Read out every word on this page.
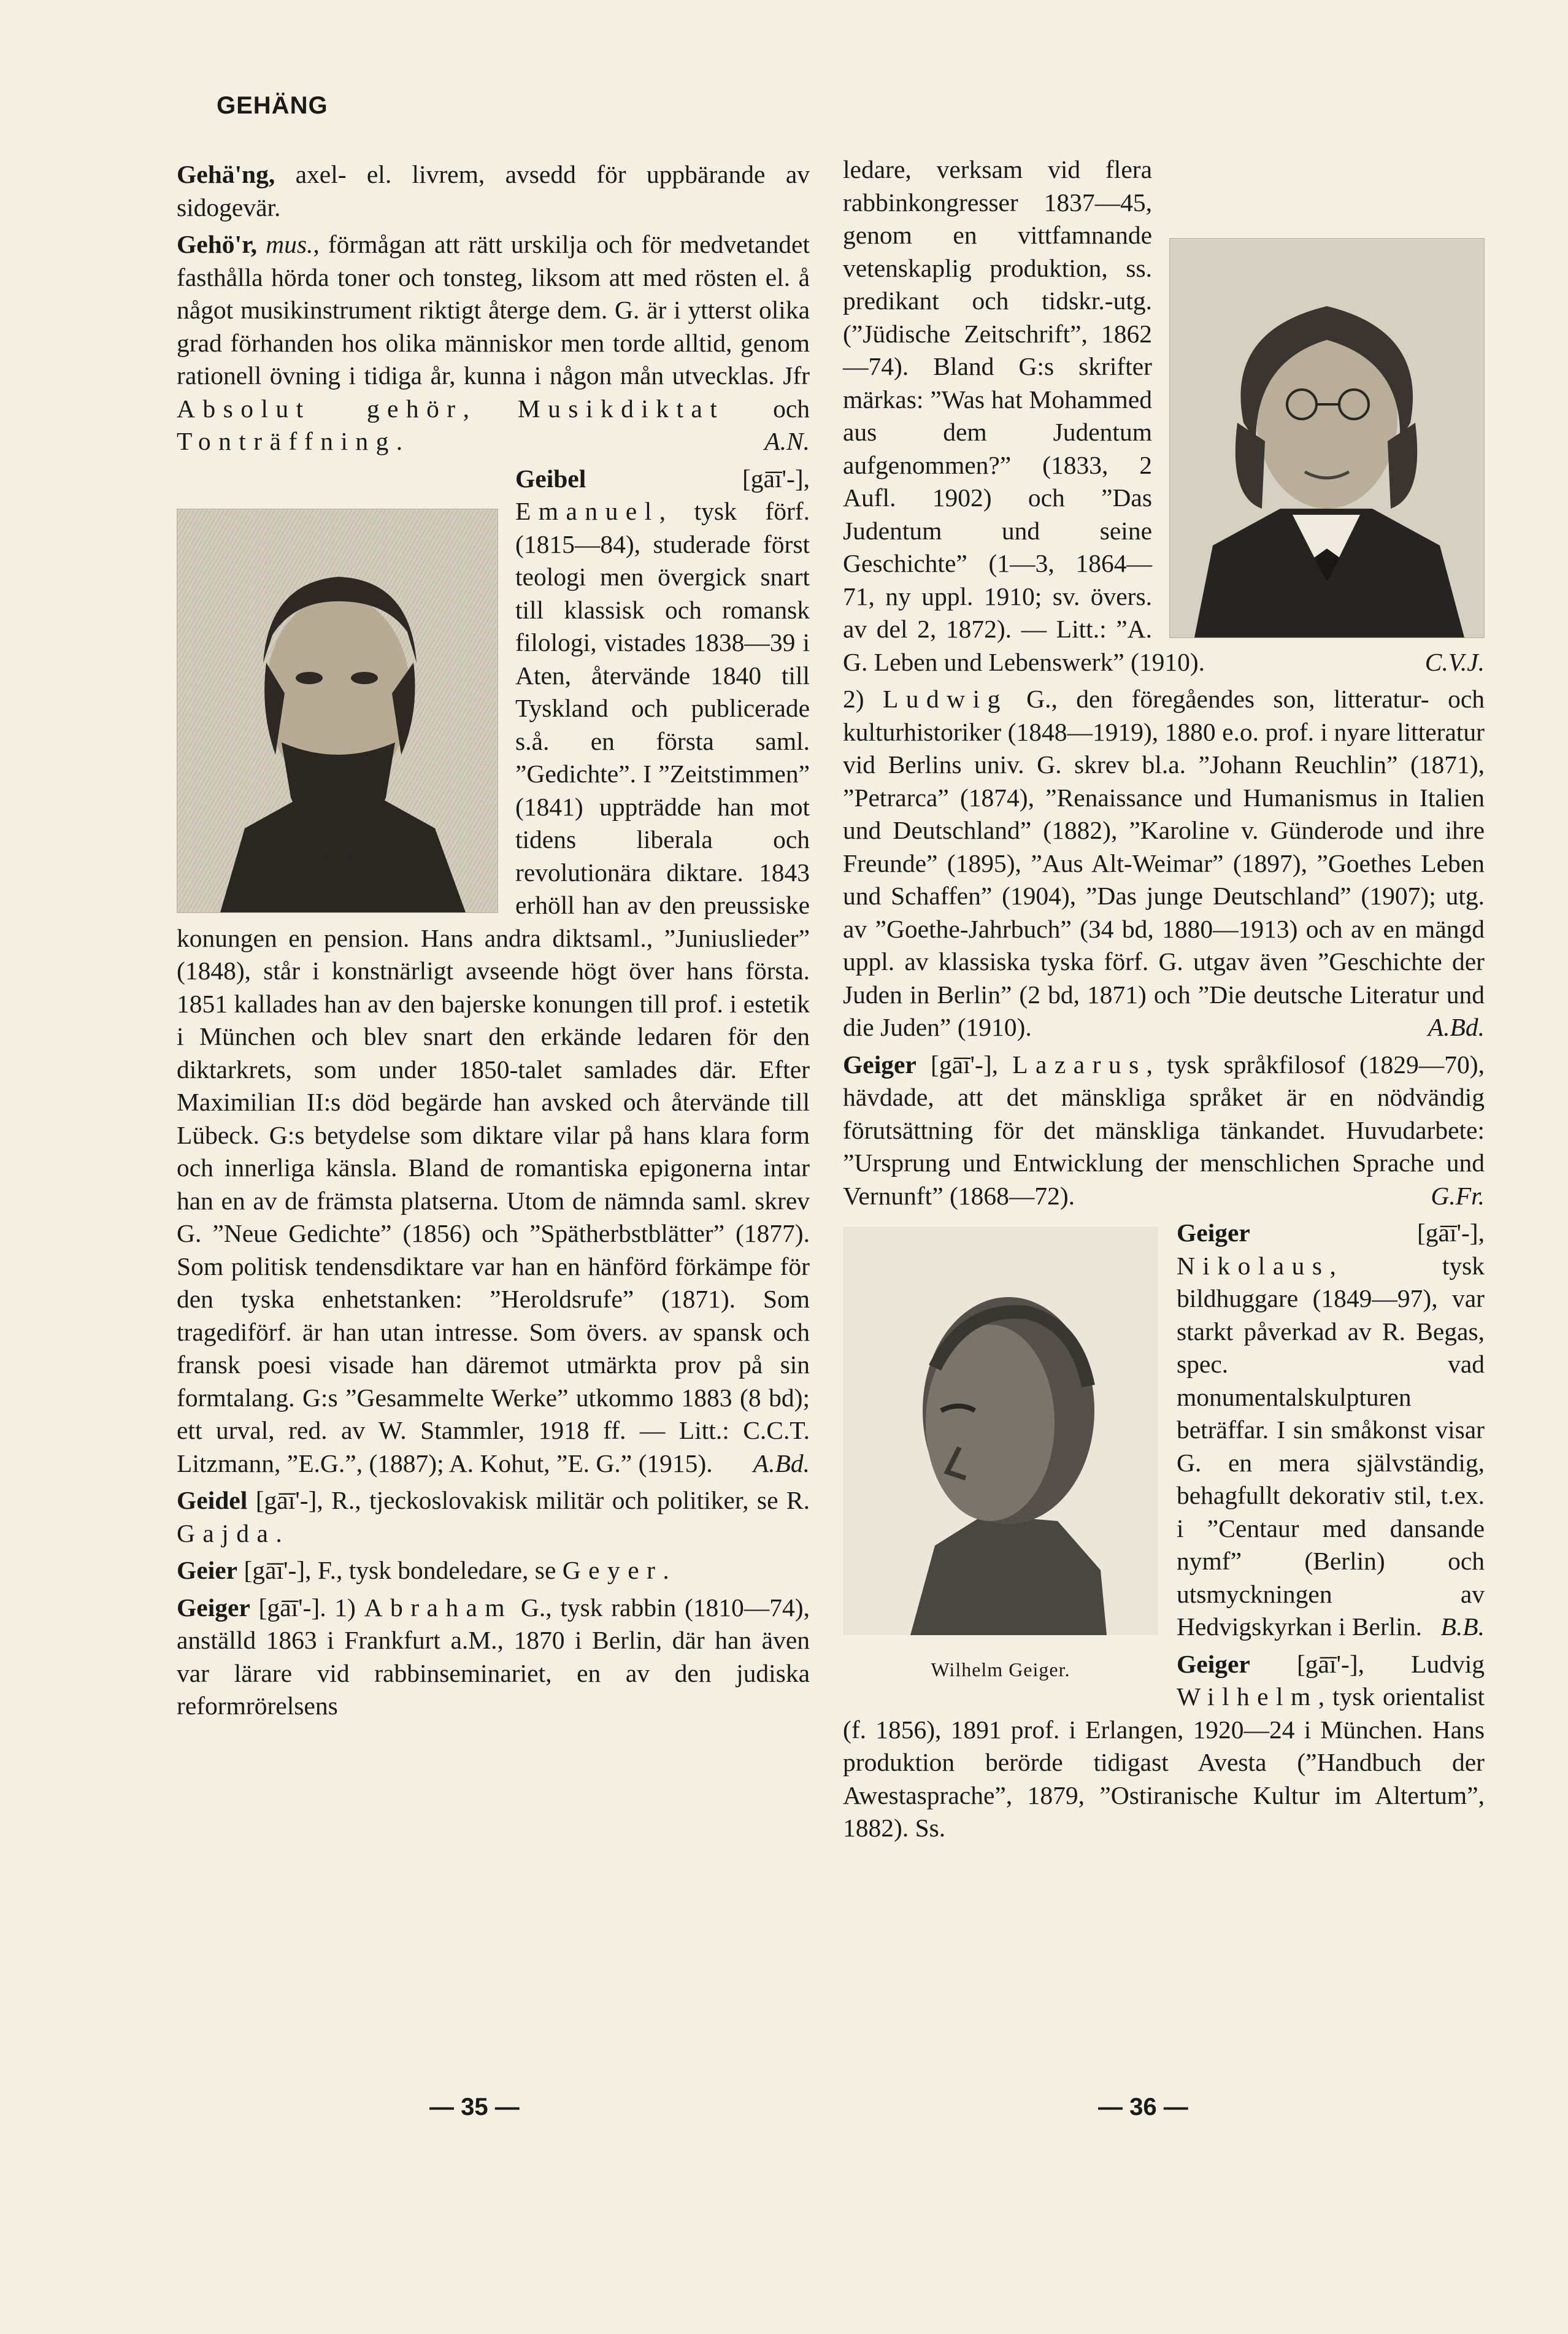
GEHÄNG

Gehä'ng, axel- el. livrem, avsedd för uppbärande av sidogevär.

Gehö'r, mus., förmågan att rätt urskilja och för medvetandet fasthålla hörda toner och tonsteg, liksom att med rösten el. å något musikinstrument riktigt återge dem. G. är i ytterst olika grad förhanden hos olika människor men torde alltid, genom rationell övning i tidiga år, kunna i någon mån utvecklas. Jfr Absolut gehör, Musikdiktat och Tonträffning.	A.N.

Geibel [gā̄ī'-], Emanuel, tysk förf. (1815—84), studerade först teologi men övergick snart till klassisk och romansk filologi, vistades 1838—39 i Aten, återvände 1840 till Tyskland och publicerade s.å. en första saml. ”Gedichte”. I ”Zeitstimmen” (1841) uppträdde han mot tidens liberala och revolutionära diktare. 1843 erhöll han av den preussiske konungen en pension. Hans andra diktsaml., ”Juniuslieder” (1848), står i konstnärligt avseende högt över hans första. 1851 kallades han av den bajerske konungen till prof. i estetik i München och blev snart den erkände ledaren för den diktarkrets, som under 1850-talet samlades där. Efter Maximilian II:s död begärde han avsked och återvände till Lübeck. G:s betydelse som diktare vilar på hans klara form och innerliga känsla. Bland de romantiska epigonerna intar han en av de främsta platserna. Utom de nämnda saml. skrev G. ”Neue Gedichte” (1856) och ”Spätherbstblätter” (1877). Som politisk tendensdiktare var han en hänförd förkämpe för den tyska enhetstanken: ”Heroldsrufe” (1871). Som tragediförf. är han utan intresse. Som övers. av spansk och fransk poesi visade han däremot utmärkta prov på sin formtalang. G:s ”Gesammelte Werke” utkommo 1883 (8 bd); ett urval, red. av W. Stammler, 1918 ff. — Litt.: C.C.T. Litzmann, ”E.G.”, (1887); A. Kohut, ”E. G.” (1915). A.Bd.

Geidel [gā̄ī'-], R., tjeckoslovakisk militär och politiker, se R. Gajda.

Geier [gā̄ī'-], F., tysk bondeledare, se Geyer.

Geiger [gā̄ī'-]. 1) Abraham G., tysk rabbin (1810—74), anställd 1863 i Frankfurt a.M., 1870 i Berlin, där han även var lärare vid rabbinseminariet, en av den judiska reformrörelsens

ledare, verksam vid flera rabbinkongresser 1837—45, genom en vittfamnande vetenskaplig produktion, ss. predikant och tidskr.-utg. (”Jüdische Zeitschrift”, 1862—74). Bland G:s skrifter märkas: ”Was hat Mohammed aus dem Judentum aufgenommen?” (1833, 2 Aufl. 1902) och ”Das Judentum und seine Geschichte” (1—3, 1864—71, ny uppl. 1910; sv. övers. av del 2, 1872). — Litt.: ”A. G. Leben und Lebenswerk” (1910).	C.V.J.

2) Ludwig G., den föregåendes son, litteratur- och kulturhistoriker (1848—1919), 1880 e.o. prof. i nyare litteratur vid Berlins univ. G. skrev bl.a. ”Johann Reuchlin” (1871), ”Petrarca” (1874), ”Renaissance und Humanismus in Italien und Deutschland” (1882), ”Karoline v. Günderode und ihre Freunde” (1895), ”Aus Alt-Weimar” (1897), ”Goethes Leben und Schaffen” (1904), ”Das junge Deutschland” (1907); utg. av ”Goethe-Jahrbuch” (34 bd, 1880—1913) och av en mängd uppl. av klassiska tyska förf. G. utgav även ”Geschichte der Juden in Berlin” (2 bd, 1871) och ”Die deutsche Literatur und die Juden” (1910).	A.Bd.

Geiger [gā̄ī'-], Lazarus, tysk språkfilosof (1829—70), hävdade, att det mänskliga språket är en nödvändig förutsättning för det mänskliga tänkandet. Huvudarbete: ”Ursprung und Entwicklung der menschlichen Sprache und Vernunft” (1868—72).	G.Fr.

Wilhelm Geiger.
Geiger [gā̄ī'-], Nikolaus, tysk bildhuggare (1849—97), var starkt påverkad av R. Begas, spec. vad monumentalskulpturen beträffar. I sin småkonst visar G. en mera självständig, behagfullt dekorativ stil, t.ex. i ”Centaur med dansande nymf” (Berlin) och utsmyckningen av Hedvigskyrkan i Berlin. B.B.

Geiger [gā̄ī'-], Ludvig Wilhelm, tysk orientalist (f. 1856), 1891 prof. i Erlangen, 1920—24 i München. Hans produktion berörde tidigast Avesta (”Handbuch der Awestasprache”, 1879, ”Ostiranische Kultur im Altertum”, 1882). Ss.

— 35 —	— 36 —
